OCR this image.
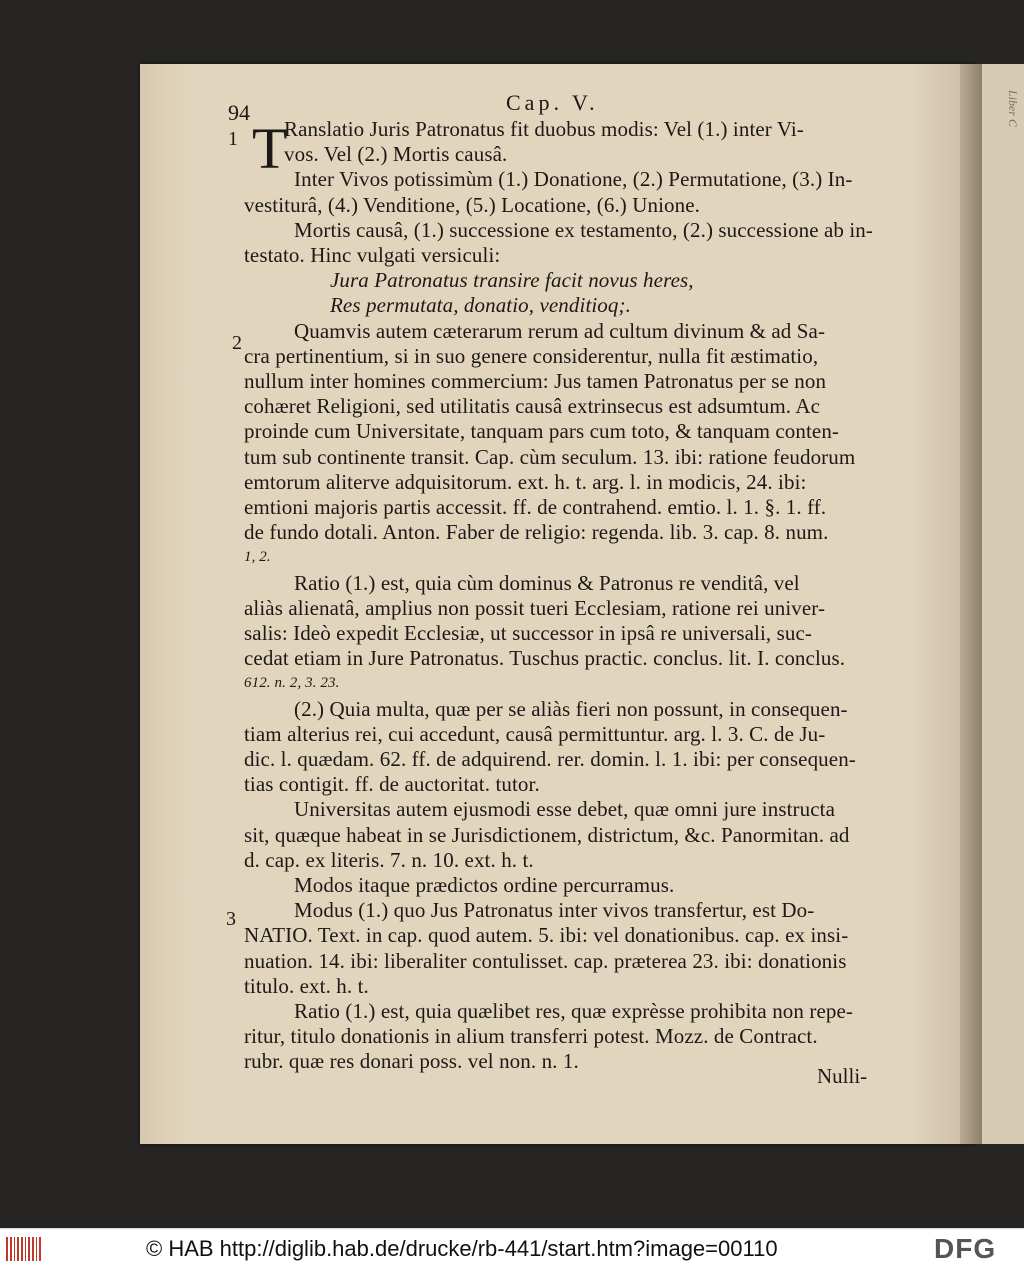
Liber C
94	Cap. V.
1
2
3
T
Ranslatio Juris Patronatus fit duobus modis: Vel (1.) inter Vi-
vos. Vel (2.) Mortis causâ.
Inter Vivos potissimùm (1.) Donatione, (2.) Permutatione, (3.) In-
vestiturâ, (4.) Venditione, (5.) Locatione, (6.) Unione.
Mortis causâ, (1.) successione ex testamento, (2.) successione ab in-
testato. Hinc vulgati versiculi:
Jura Patronatus transire facit novus heres,
Res permutata, donatio, venditioq;.
Quamvis autem cæterarum rerum ad cultum divinum & ad Sa-
cra pertinentium, si in suo genere considerentur, nulla fit æstimatio,
nullum inter homines commercium: Jus tamen Patronatus per se non
cohæret Religioni, sed utilitatis causâ extrinsecus est adsumtum. Ac
proinde cum Universitate, tanquam pars cum toto, & tanquam conten-
tum sub continente transit. Cap. cùm seculum. 13. ibi: ratione feudorum
emtorum aliterve adquisitorum. ext. h. t. arg. l. in modicis, 24. ibi:
emtioni majoris partis accessit. ff. de contrahend. emtio. l. 1. §. 1. ff.
de fundo dotali. Anton. Faber de religio: regenda. lib. 3. cap. 8. num.
1, 2.
Ratio (1.) est, quia cùm dominus & Patronus re venditâ, vel
aliàs alienatâ, amplius non possit tueri Ecclesiam, ratione rei univer-
salis: Ideò expedit Ecclesiæ, ut successor in ipsâ re universali, suc-
cedat etiam in Jure Patronatus. Tuschus practic. conclus. lit. I. conclus.
612. n. 2, 3. 23.
(2.) Quia multa, quæ per se aliàs fieri non possunt, in consequen-
tiam alterius rei, cui accedunt, causâ permittuntur. arg. l. 3. C. de Ju-
dic. l. quædam. 62. ff. de adquirend. rer. domin. l. 1. ibi: per consequen-
tias contigit. ff. de auctoritat. tutor.
Universitas autem ejusmodi esse debet, quæ omni jure instructa
sit, quæque habeat in se Jurisdictionem, districtum, &c. Panormitan. ad
d. cap. ex literis. 7. n. 10. ext. h. t.
Modos itaque prædictos ordine percurramus.
Modus (1.) quo Jus Patronatus inter vivos transfertur, est Do-
NATIO. Text. in cap. quod autem. 5. ibi: vel donationibus. cap. ex insi-
nuation. 14. ibi: liberaliter contulisset. cap. præterea 23. ibi: donationis
titulo. ext. h. t.
Ratio (1.) est, quia quælibet res, quæ exprèsse prohibita non repe-
ritur, titulo donationis in alium transferri potest. Mozz. de Contract.
rubr. quæ res donari poss. vel non. n. 1.
Nulli-
© HAB http://diglib.hab.de/drucke/rb-441/start.htm?image=00110	DFG
